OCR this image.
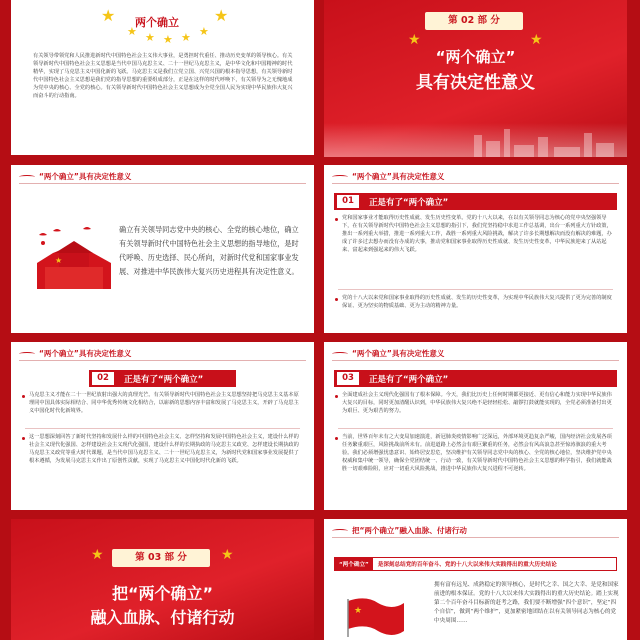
★
★ ★ ★ ★ ★
★
两个确立
有关领导带领党和人民推进新时代中国特色社会主义伟大事业，是勇担时代重任、推动历史变革的领导核心。有关领导新时代中国特色社会主义思想是当代中国马克思主义、二十一世纪马克思主义，是中华文化和中国精神的时代精华，实现了马克思主义中国化新的飞跃。马克思主义是我们立党立国、兴党兴国的根本指导思想，有关领导新时代中国特色社会主义思想是我们党的指导思想的重要组成部分，正是在这样的时代呼唤下，有关领导为之无愧地成为党中央的核心、全党的核心。有关领导新时代中国特色社会主义思想成为全党全国人民为实现中华民族伟大复兴而奋斗的行动指南。
★	★
第 02 部 分
“两个确立”
具有决定性意义
“两个确立”具有决定性意义
★
确立有关领导同志党中央的核心、全党的核心地位，确立有关领导新时代中国特色社会主义思想的指导地位，是时代呼唤、历史选择、民心所向，对新时代党和国家事业发展、对推进中华民族伟大复兴历史进程具有决定性意义。
“两个确立”具有决定性意义
01	正是有了“两个确立”
党和国家事业才能取得历史性成就、发生历史性变革。党的十八大以来，在以有关领导同志为核心的党中央坚强领导下，在有关领导新时代中国特色社会主义思想的指引下，我们党坚持稳中求进工作总基调，出台一系列重大方针政策，推出一系列重大举措，推进一系列重大工作，战胜一系列重大风险挑战，解决了许多长期想解决而没有解决的难题，办成了许多过去想办而没有办成的大事，推动党和国家事业取得历史性成就、发生历史性变革，中华民族迎来了从站起来、富起来到强起来的伟大飞跃。
党的十八大以来党和国家事业取得的历史性成就、发生的历史性变革，为实现中华民族伟大复兴提供了更为完善的制度保证、更为坚实的物质基础、更为主动的精神力量。
“两个确立”具有决定性意义
02	正是有了“两个确立”
马克思主义才能在二十一世纪放射出强大的真理光芒。有关领导新时代中国特色社会主义思想坚持把马克思主义基本原理同中国具体实际相结合、同中华优秀传统文化相结合，以崭新的思想内容丰富和发展了马克思主义，开辟了马克思主义中国化时代化新境界。
这一思想深刻回答了新时代坚持和发展什么样的中国特色社会主义、怎样坚持和发展中国特色社会主义，建设什么样的社会主义现代化强国、怎样建设社会主义现代化强国，建设什么样的长期执政的马克思主义政党、怎样建设长期执政的马克思主义政党等重大时代课题，是当代中国马克思主义、二十一世纪马克思主义，为新时代党和国家事业发展提供了根本遵循，为发展马克思主义作出了原创性贡献，实现了马克思主义中国化时代化新的飞跃。
“两个确立”具有决定性意义
03	正是有了“两个确立”
全面建成社会主义现代化强国有了根本保障。今天，我们比历史上任何时期都更接近、更有信心和能力实现中华民族伟大复兴的目标，同时更加清醒认识到，中华民族伟大复兴绝不是轻轻松松、敲锣打鼓就能实现的，全党必须准备付出更为艰巨、更为艰苦的努力。
当前，世界百年未有之大变局加速演进，新冠肺炎疫情影响广泛深远，外部环境更趋复杂严峻，国内经济社会发展各项任务繁重艰巨，风险挑战前所未有。前进道路上必然会有艰巨繁重的任务，必然会有风高浪急甚至惊涛骇浪的重大考验。我们必须增强忧患意识、始终居安思危，坚决维护有关领导同志党中央的核心、全党的核心地位，坚决维护党中央权威和集中统一领导，确保全党团结统一、行动一致，有关领导新时代中国特色社会主义思想的科学指引，我们就能战胜一切艰难险阻，应对一切重大风险挑战，推进中华民族伟大复兴进程不可逆转。
★	★
第 03 部 分
把“两个确立”
融入血脉、付诸行动
把“两个确立”融入血脉、付诸行动
“两个确立”	是深刻总结党的百年奋斗、党的十八大以来伟大实践得出的重大历史结论
★
拥有富有远见、成熟稳定的领导核心，是时代之幸、国之大幸、是党和国家前进的根本保证。党的十八大以来伟大实践得出的重大历史结论。踏上实现第二个百年奋斗目标新的赶考之路，我们要不断增强“四个意识”，坚定“四个自信”，做到“两个维护”，更加紧密地团结在以有关领导同志为核心的党中央周围……
